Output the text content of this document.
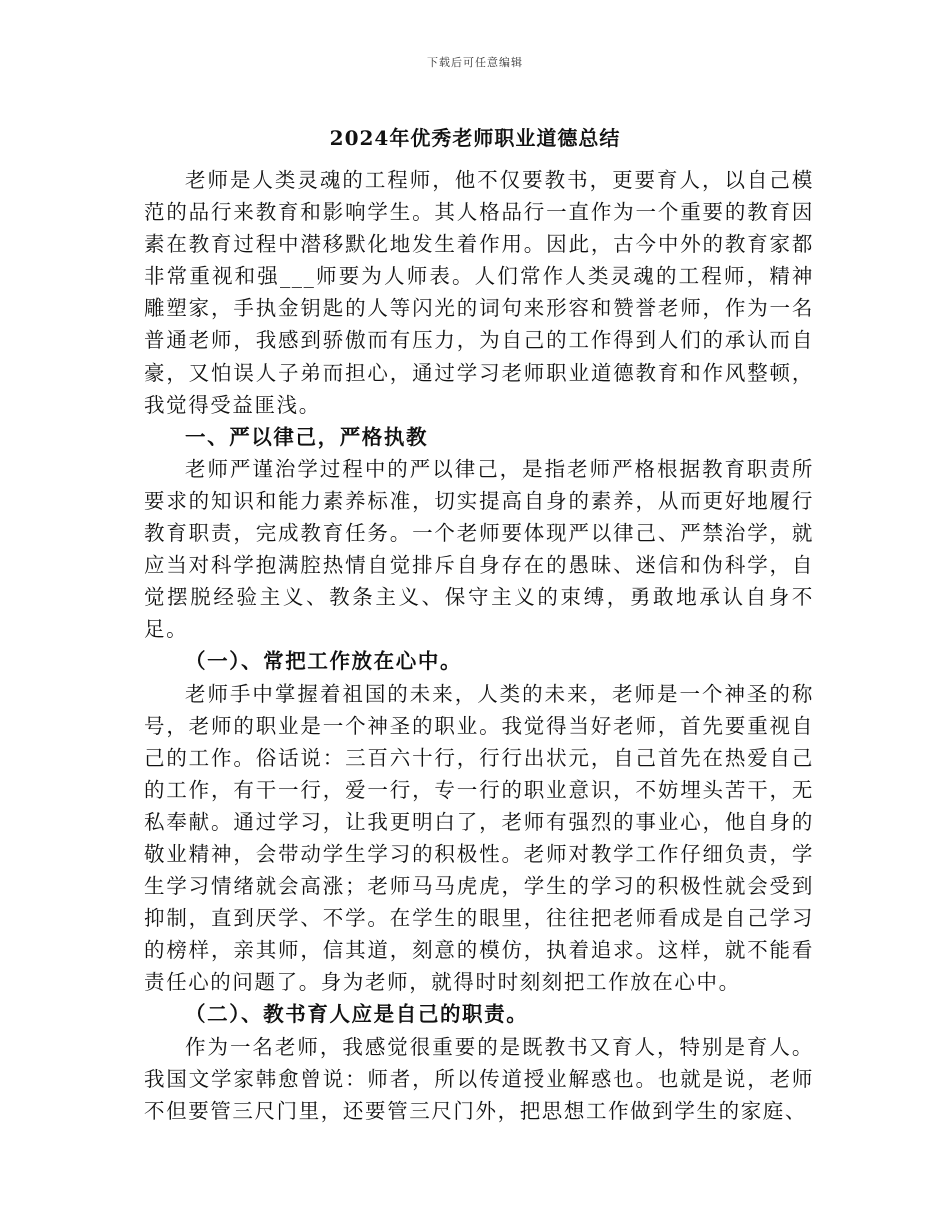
下载后可任意编辑
2024年优秀老师职业道德总结

老师是人类灵魂的工程师，他不仅要教书，更要育人，以自己模范的品行来教育和影响学生。其人格品行一直作为一个重要的教育因素在教育过程中潜移默化地发生着作用。因此，古今中外的教育家都非常重视和强___师要为人师表。人们常作人类灵魂的工程师，精神雕塑家，手执金钥匙的人等闪光的词句来形容和赞誉老师，作为一名普通老师，我感到骄傲而有压力，为自己的工作得到人们的承认而自豪，又怕误人子弟而担心，通过学习老师职业道德教育和作风整顿，我觉得受益匪浅。

一、严以律己，严格执教

老师严谨治学过程中的严以律己，是指老师严格根据教育职责所要求的知识和能力素养标准，切实提高自身的素养，从而更好地履行教育职责，完成教育任务。一个老师要体现严以律己、严禁治学，就应当对科学抱满腔热情自觉排斥自身存在的愚昧、迷信和伪科学，自觉摆脱经验主义、教条主义、保守主义的束缚，勇敢地承认自身不足。

（一）、常把工作放在心中。

老师手中掌握着祖国的未来，人类的未来，老师是一个神圣的称号，老师的职业是一个神圣的职业。我觉得当好老师，首先要重视自己的工作。俗话说：三百六十行，行行出状元，自己首先在热爱自己的工作，有干一行，爱一行，专一行的职业意识，不妨埋头苦干，无私奉献。通过学习，让我更明白了，老师有强烈的事业心，他自身的敬业精神，会带动学生学习的积极性。老师对教学工作仔细负责，学生学习情绪就会高涨；老师马马虎虎，学生的学习的积极性就会受到抑制，直到厌学、不学。在学生的眼里，往往把老师看成是自己学习的榜样，亲其师，信其道，刻意的模仿，执着追求。这样，就不能看责任心的问题了。身为老师，就得时时刻刻把工作放在心中。

（二）、教书育人应是自己的职责。

作为一名老师，我感觉很重要的是既教书又育人，特别是育人。我国文学家韩愈曾说：师者，所以传道授业解惑也。也就是说，老师不但要管三尺门里，还要管三尺门外，把思想工作做到学生的家庭、
